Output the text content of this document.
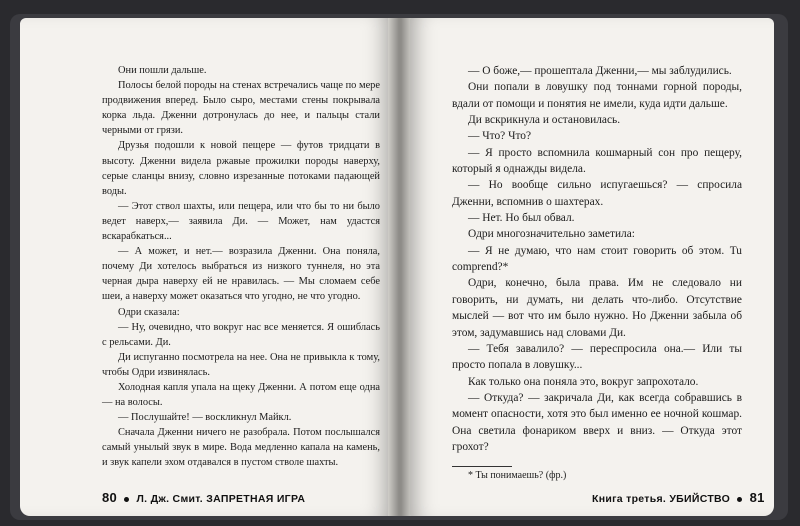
Они пошли дальше.

Полосы белой породы на стенах встречались чаще по мере продвижения вперед. Было сыро, местами стены покрывала корка льда. Дженни дотронулась до нее, и пальцы стали черными от грязи.

Друзья подошли к новой пещере — футов тридцати в высоту. Дженни видела ржавые прожилки породы наверху, серые сланцы внизу, словно изрезанные потоками падающей воды.

— Этот ствол шахты, или пещера, или что бы то ни было ведет наверх,— заявила Ди. — Может, нам удастся вскарабкаться...

— А может, и нет.— возразила Дженни. Она поняла, почему Ди хотелось выбраться из низкого туннеля, но эта черная дыра наверху ей не нравилась. — Мы сломаем себе шеи, а наверху может оказаться что угодно, не что угодно.

Одри сказала:

— Ну, очевидно, что вокруг нас все меняется. Я ошиблась с рельсами. Ди.

Ди испуганно посмотрела на нее. Она не привыкла к тому, чтобы Одри извинялась.

Холодная капля упала на щеку Дженни. А потом еще одна — на волосы.

— Послушайте! — воскликнул Майкл.

Сначала Дженни ничего не разобрала. Потом послышался самый унылый звук в мире. Вода медленно капала на камень, и звук капели эхом отдавался в пустом стволе шахты.

80 Л. Дж. Смит. ЗАПРЕТНАЯ ИГРА

— О боже,— прошептала Дженни,— мы заблудились.

Они попали в ловушку под тоннами горной породы, вдали от помощи и понятия не имели, куда идти дальше.

Ди вскрикнула и остановилась.

— Что? Что?

— Я просто вспомнила кошмарный сон про пещеру, который я однажды видела.

— Но вообще сильно испугаешься? — спросила Дженни, вспомнив о шахтерах.

— Нет. Но был обвал.

Одри многозначительно заметила:

— Я не думаю, что нам стоит говорить об этом. Tu comprend?*

Одри, конечно, была права. Им не следовало ни говорить, ни думать, ни делать что-либо. Отсутствие мыслей — вот что им было нужно. Но Дженни забыла об этом, задумавшись над словами Ди.

— Тебя завалило? — переспросила она.— Или ты просто попала в ловушку...

Как только она поняла это, вокруг запрохотало.

— Откуда? — закричала Ди, как всегда собравшись в момент опасности, хотя это был именно ее ночной кошмар. Она светила фонариком вверх и вниз. — Откуда этот грохот?

* Ты понимаешь? (фр.)
Книга третья. УБИЙСТВО 81
